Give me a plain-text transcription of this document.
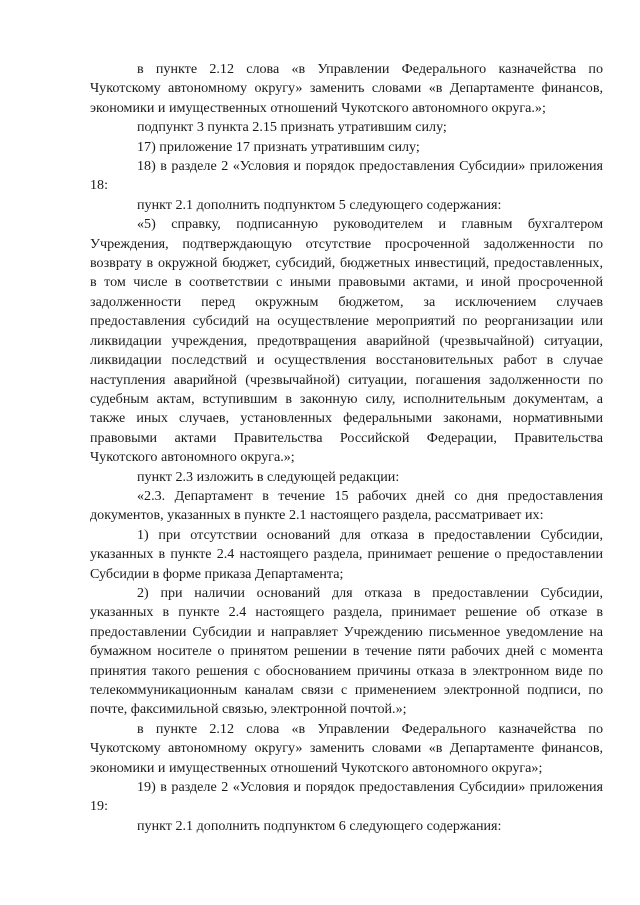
в пункте 2.12 слова «в Управлении Федерального казначейства по Чукотскому автономному округу» заменить словами «в Департаменте финансов, экономики и имущественных отношений Чукотского автономного округа.»;

подпункт 3 пункта 2.15 признать утратившим силу;

17) приложение 17 признать утратившим силу;

18) в разделе 2 «Условия и порядок предоставления Субсидии» приложения 18:

пункт 2.1 дополнить подпунктом 5 следующего содержания:

«5) справку, подписанную руководителем и главным бухгалтером Учреждения, подтверждающую отсутствие просроченной задолженности по возврату в окружной бюджет, субсидий, бюджетных инвестиций, предоставленных, в том числе в соответствии с иными правовыми актами, и иной просроченной задолженности перед окружным бюджетом, за исключением случаев предоставления субсидий на осуществление мероприятий по реорганизации или ликвидации учреждения, предотвращения аварийной (чрезвычайной) ситуации, ликвидации последствий и осуществления восстановительных работ в случае наступления аварийной (чрезвычайной) ситуации, погашения задолженности по судебным актам, вступившим в законную силу, исполнительным документам, а также иных случаев, установленных федеральными законами, нормативными правовыми актами Правительства Российской Федерации, Правительства Чукотского автономного округа.»;

пункт 2.3 изложить в следующей редакции:

«2.3. Департамент в течение 15 рабочих дней со дня предоставления документов, указанных в пункте 2.1 настоящего раздела, рассматривает их:

1) при отсутствии оснований для отказа в предоставлении Субсидии, указанных в пункте 2.4 настоящего раздела, принимает решение о предоставлении Субсидии в форме приказа Департамента;

2) при наличии оснований для отказа в предоставлении Субсидии, указанных в пункте 2.4 настоящего раздела, принимает решение об отказе в предоставлении Субсидии и направляет Учреждению письменное уведомление на бумажном носителе о принятом решении в течение пяти рабочих дней с момента принятия такого решения с обоснованием причины отказа в электронном виде по телекоммуникационным каналам связи с применением электронной подписи, по почте, факсимильной связью, электронной почтой.»;

в пункте 2.12 слова «в Управлении Федерального казначейства по Чукотскому автономному округу» заменить словами «в Департаменте финансов, экономики и имущественных отношений Чукотского автономного округа»;

19) в разделе 2 «Условия и порядок предоставления Субсидии» приложения 19:

пункт 2.1 дополнить подпунктом 6 следующего содержания:
